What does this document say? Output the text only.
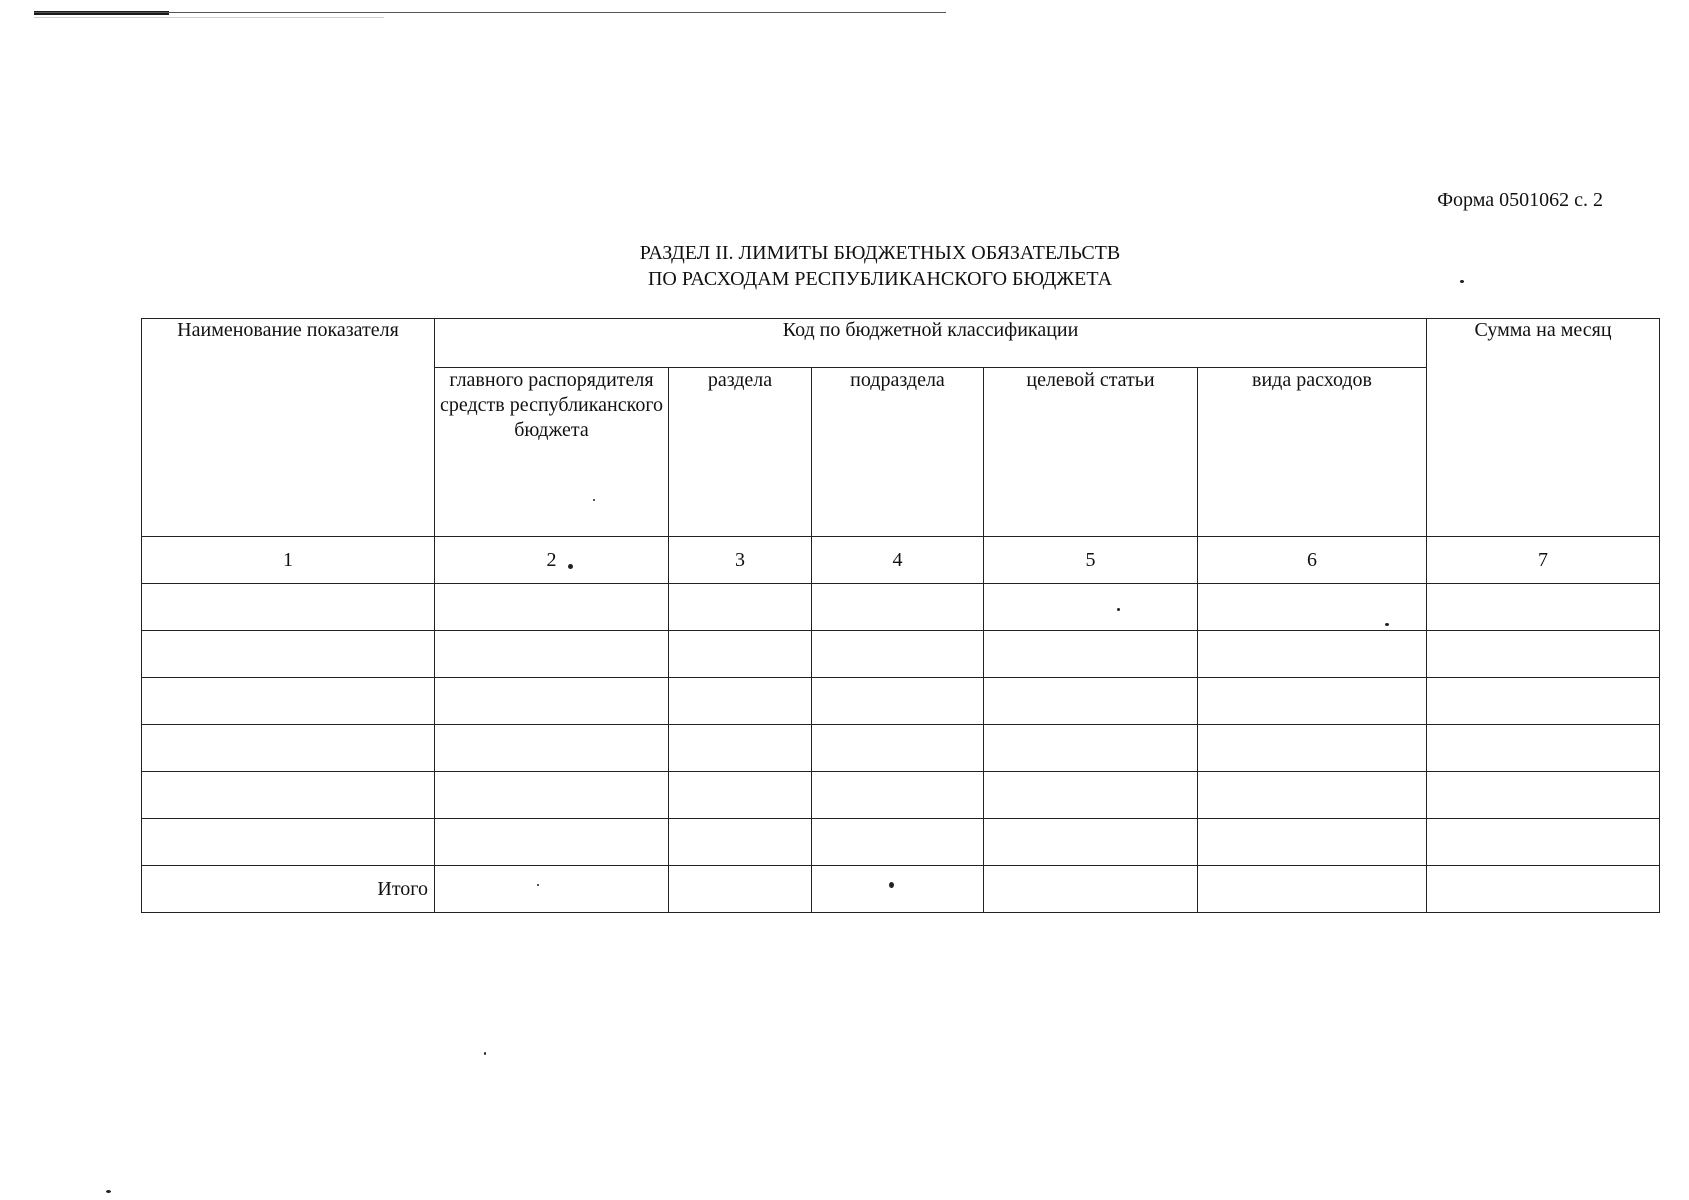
Форма 0501062 с. 2
РАЗДЕЛ II. ЛИМИТЫ БЮДЖЕТНЫХ ОБЯЗАТЕЛЬСТВ
ПО РАСХОДАМ РЕСПУБЛИКАНСКОГО БЮДЖЕТА
Наименование показателя	Код по бюджетной классификации					Сумма на месяц
	главного распорядителя средств республиканского бюджета	раздела	подраздела	целевой статьи	вида расходов	
1	2	3	4	5	6	7

Итого						
